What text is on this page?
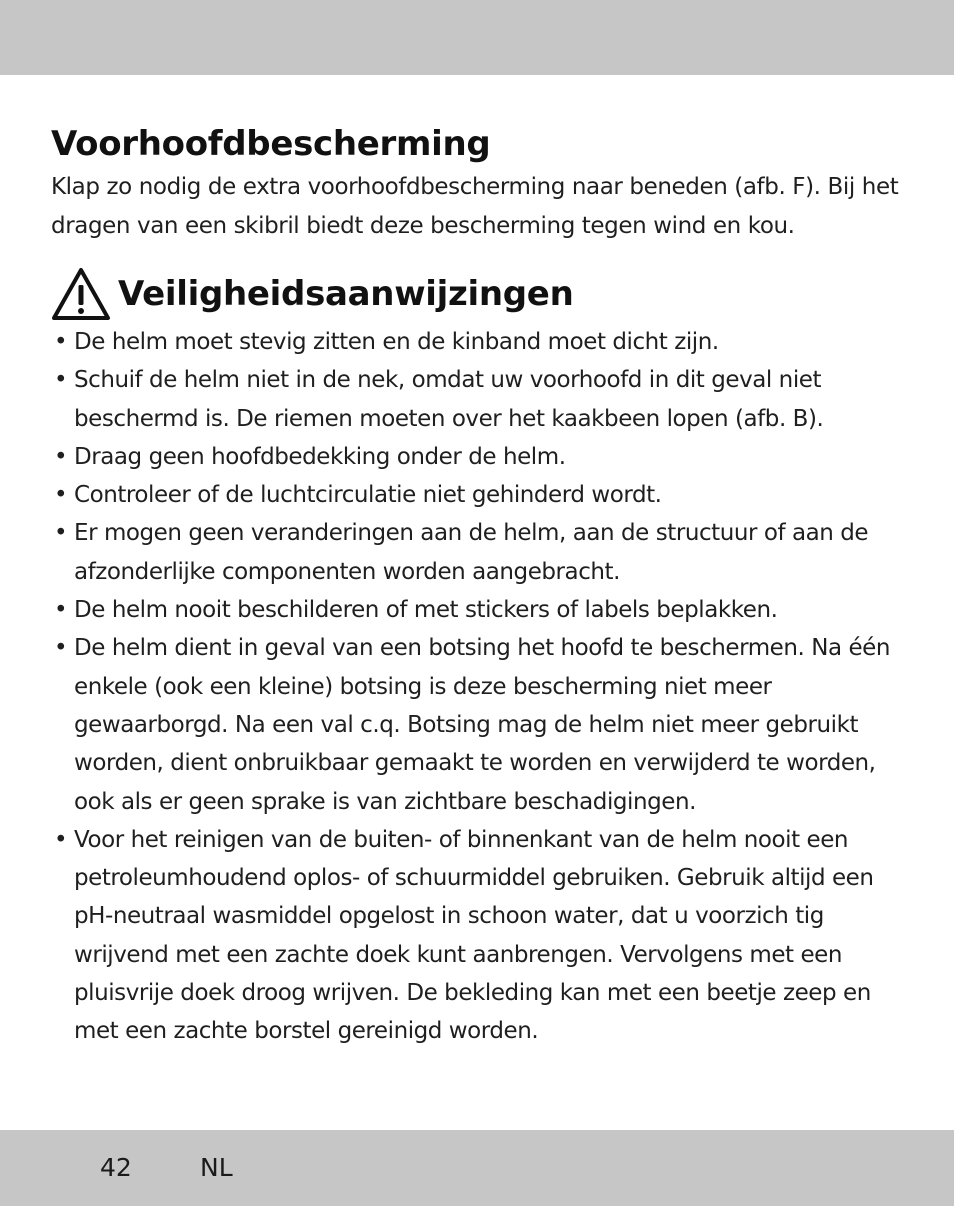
Voorhoofdbescherming

Klap zo nodig de extra voorhoofdbescherming naar beneden (afb. F). Bij het dragen van een skibril biedt deze bescherming tegen wind en kou.

Veiligheidsaanwijzingen
• De helm moet stevig zitten en de kinband moet dicht zijn.
• Schuif de helm niet in de nek, omdat uw voorhoofd in dit geval niet beschermd is. De riemen moeten over het kaakbeen lopen (afb. B).
• Draag geen hoofdbedekking onder de helm.
• Controleer of de luchtcirculatie niet gehinderd wordt.
• Er mogen geen veranderingen aan de helm, aan de structuur of aan de afzonderlijke componenten worden aangebracht.
• De helm nooit beschilderen of met stickers of labels beplakken.
• De helm dient in geval van een botsing het hoofd te beschermen. Na één enkele (ook een kleine) botsing is deze bescherming niet meer gewaarborgd. Na een val c.q. Botsing mag de helm niet meer gebruikt worden, dient onbruikbaar gemaakt te worden en verwijderd te worden, ook als er geen sprake is van zichtbare beschadigingen.
• Voor het reinigen van de buiten- of binnenkant van de helm nooit een petroleumhoudend oplos- of schuurmiddel gebruiken. Gebruik altijd een pH-neutraal wasmiddel opgelost in schoon water, dat u voorzich tig wrijvend met een zachte doek kunt aanbrengen. Vervolgens met een pluisvrije doek droog wrijven. De bekleding kan met een beetje zeep en met een zachte borstel gereinigd worden.
42	NL
